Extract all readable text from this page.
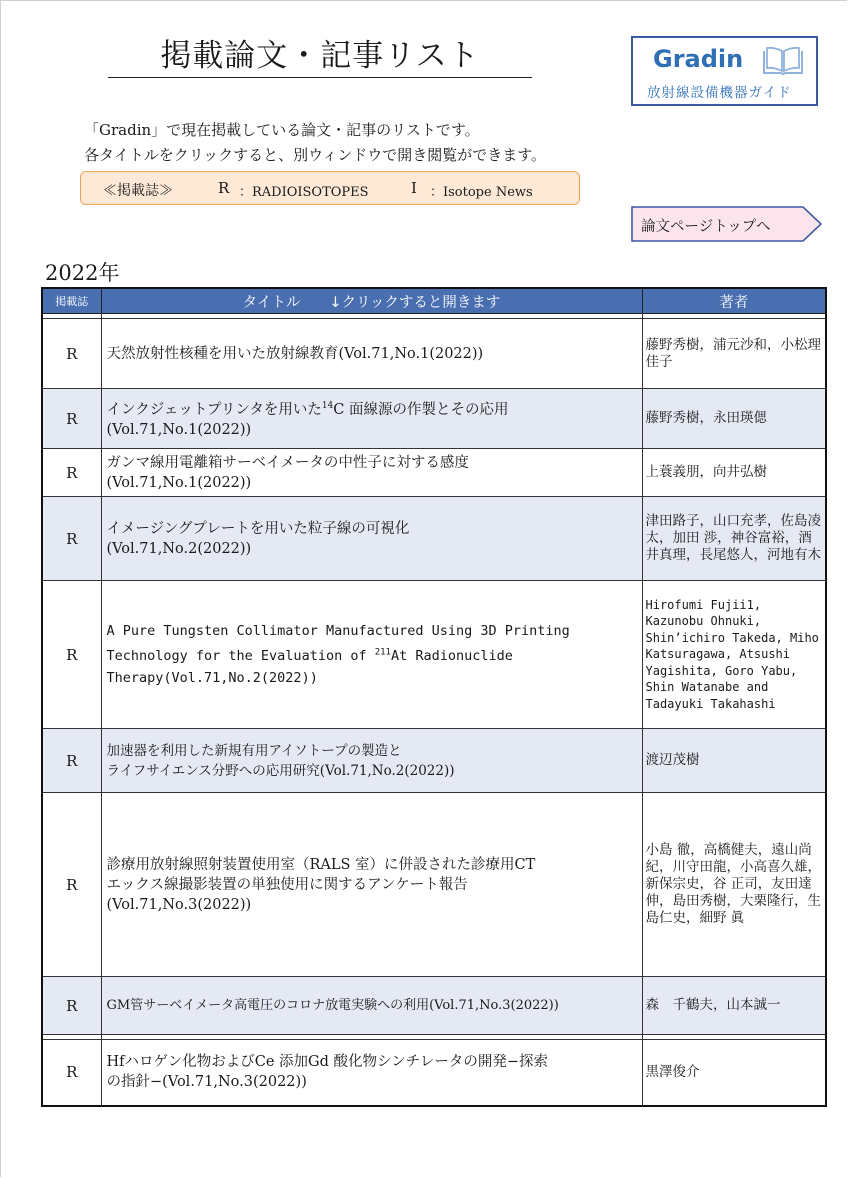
掲載論文・記事リスト	Gradin
放射線設備機器ガイド

「Gradin」で現在掲載している論文・記事のリストです。

各タイトルをクリックすると、別ウィンドウで開き閲覧ができます。

≪掲載誌≫	R ：RADIOISOTOPES	I ：Isotope News
論文ページトップへ
2022年
掲載誌	タイトル　　↓クリックすると開きます	著者

R	天然放射性核種を用いた放射線教育(Vol.71,No.1(2022))	藤野秀樹，浦元沙和，小松理佳子
R	インクジェットプリンタを用いた$^{14}$C 面線源の作製とその応用
(Vol.71,No.1(2022))	藤野秀樹，永田瑛偲
R	ガンマ線用電離箱サーベイメータの中性子に対する感度
(Vol.71,No.1(2022))	上蓑義朋，向井弘樹
R	イメージングプレートを用いた粒子線の可視化
(Vol.71,No.2(2022))	津田路子，山口充孝，佐島凌太，加田 渉，神谷富裕，酒井真理，長尾悠人，河地有木
R	A Pure Tungsten Collimator Manufactured Using 3D Printing
Technology for the Evaluation of $^{211}$At Radionuclide
Therapy(Vol.71,No.2(2022))	Hirofumi Fujii1, Kazunobu Ohnuki, Shin’ichiro Takeda, Miho Katsuragawa, Atsushi Yagishita, Goro Yabu, Shin Watanabe and Tadayuki Takahashi
R	加速器を利用した新規有用アイソトープの製造と
ライフサイエンス分野への応用研究(Vol.71,No.2(2022))	渡辺茂樹
R	診療用放射線照射装置使用室（RALS 室）に併設された診療用CT
エックス線撮影装置の単独使用に関するアンケート報告
(Vol.71,No.3(2022))	小島 徹，高橋健夫，遠山尚紀，川守田龍，小高喜久雄，新保宗史，谷 正司，友田達伸，島田秀樹，大栗隆行，生島仁史，細野 眞
R	GM管サーベイメータ高電圧のコロナ放電実験への利用(Vol.71,No.3(2022))	森　千鶴夫，山本誠一

R	Hfハロゲン化物およびCe 添加Gd 酸化物シンチレータの開発−探索
の指針−(Vol.71,No.3(2022))	黒澤俊介
